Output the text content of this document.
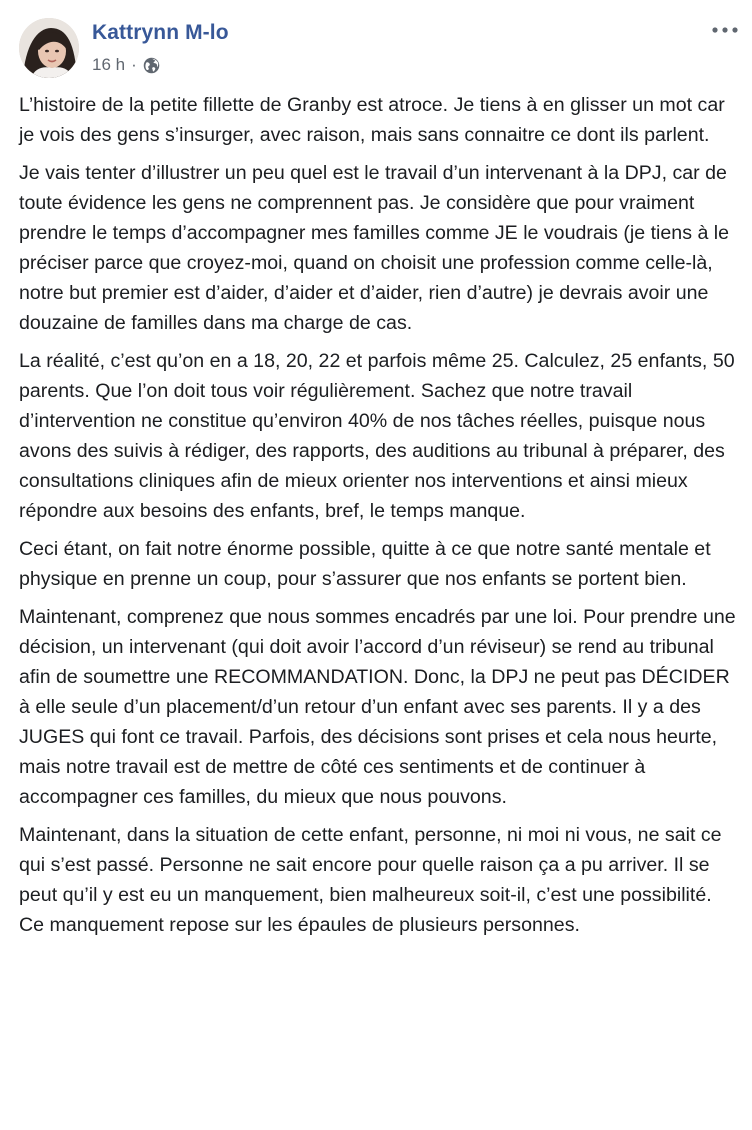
Kattrynn M-lo
16 h ·

L’histoire de la petite fillette de Granby est atroce. Je tiens à en glisser un mot car je vois des gens s’insurger, avec raison, mais sans connaitre ce dont ils parlent.

Je vais tenter d’illustrer un peu quel est le travail d’un intervenant à la DPJ, car de toute évidence les gens ne comprennent pas. Je considère que pour vraiment prendre le temps d’accompagner mes familles comme JE le voudrais (je tiens à le préciser parce que croyez-moi, quand on choisit une profession comme celle-là, notre but premier est d’aider, d’aider et d’aider, rien d’autre) je devrais avoir une douzaine de familles dans ma charge de cas.

La réalité, c’est qu’on en a 18, 20, 22 et parfois même 25. Calculez, 25 enfants, 50 parents. Que l’on doit tous voir régulièrement. Sachez que notre travail d’intervention ne constitue qu’environ 40% de nos tâches réelles, puisque nous avons des suivis à rédiger, des rapports, des auditions au tribunal à préparer, des consultations cliniques afin de mieux orienter nos interventions et ainsi mieux répondre aux besoins des enfants, bref, le temps manque.

Ceci étant, on fait notre énorme possible, quitte à ce que notre santé mentale et physique en prenne un coup, pour s’assurer que nos enfants se portent bien.

Maintenant, comprenez que nous sommes encadrés par une loi. Pour prendre une décision, un intervenant (qui doit avoir l’accord d’un réviseur) se rend au tribunal afin de soumettre une RECOMMANDATION. Donc, la DPJ ne peut pas DÉCIDER à elle seule d’un placement/d’un retour d’un enfant avec ses parents. Il y a des JUGES qui font ce travail. Parfois, des décisions sont prises et cela nous heurte, mais notre travail est de mettre de côté ces sentiments et de continuer à accompagner ces familles, du mieux que nous pouvons.

Maintenant, dans la situation de cette enfant, personne, ni moi ni vous, ne sait ce qui s’est passé. Personne ne sait encore pour quelle raison ça a pu arriver. Il se peut qu’il y est eu un manquement, bien malheureux soit-il, c’est une possibilité. Ce manquement repose sur les épaules de plusieurs personnes.
